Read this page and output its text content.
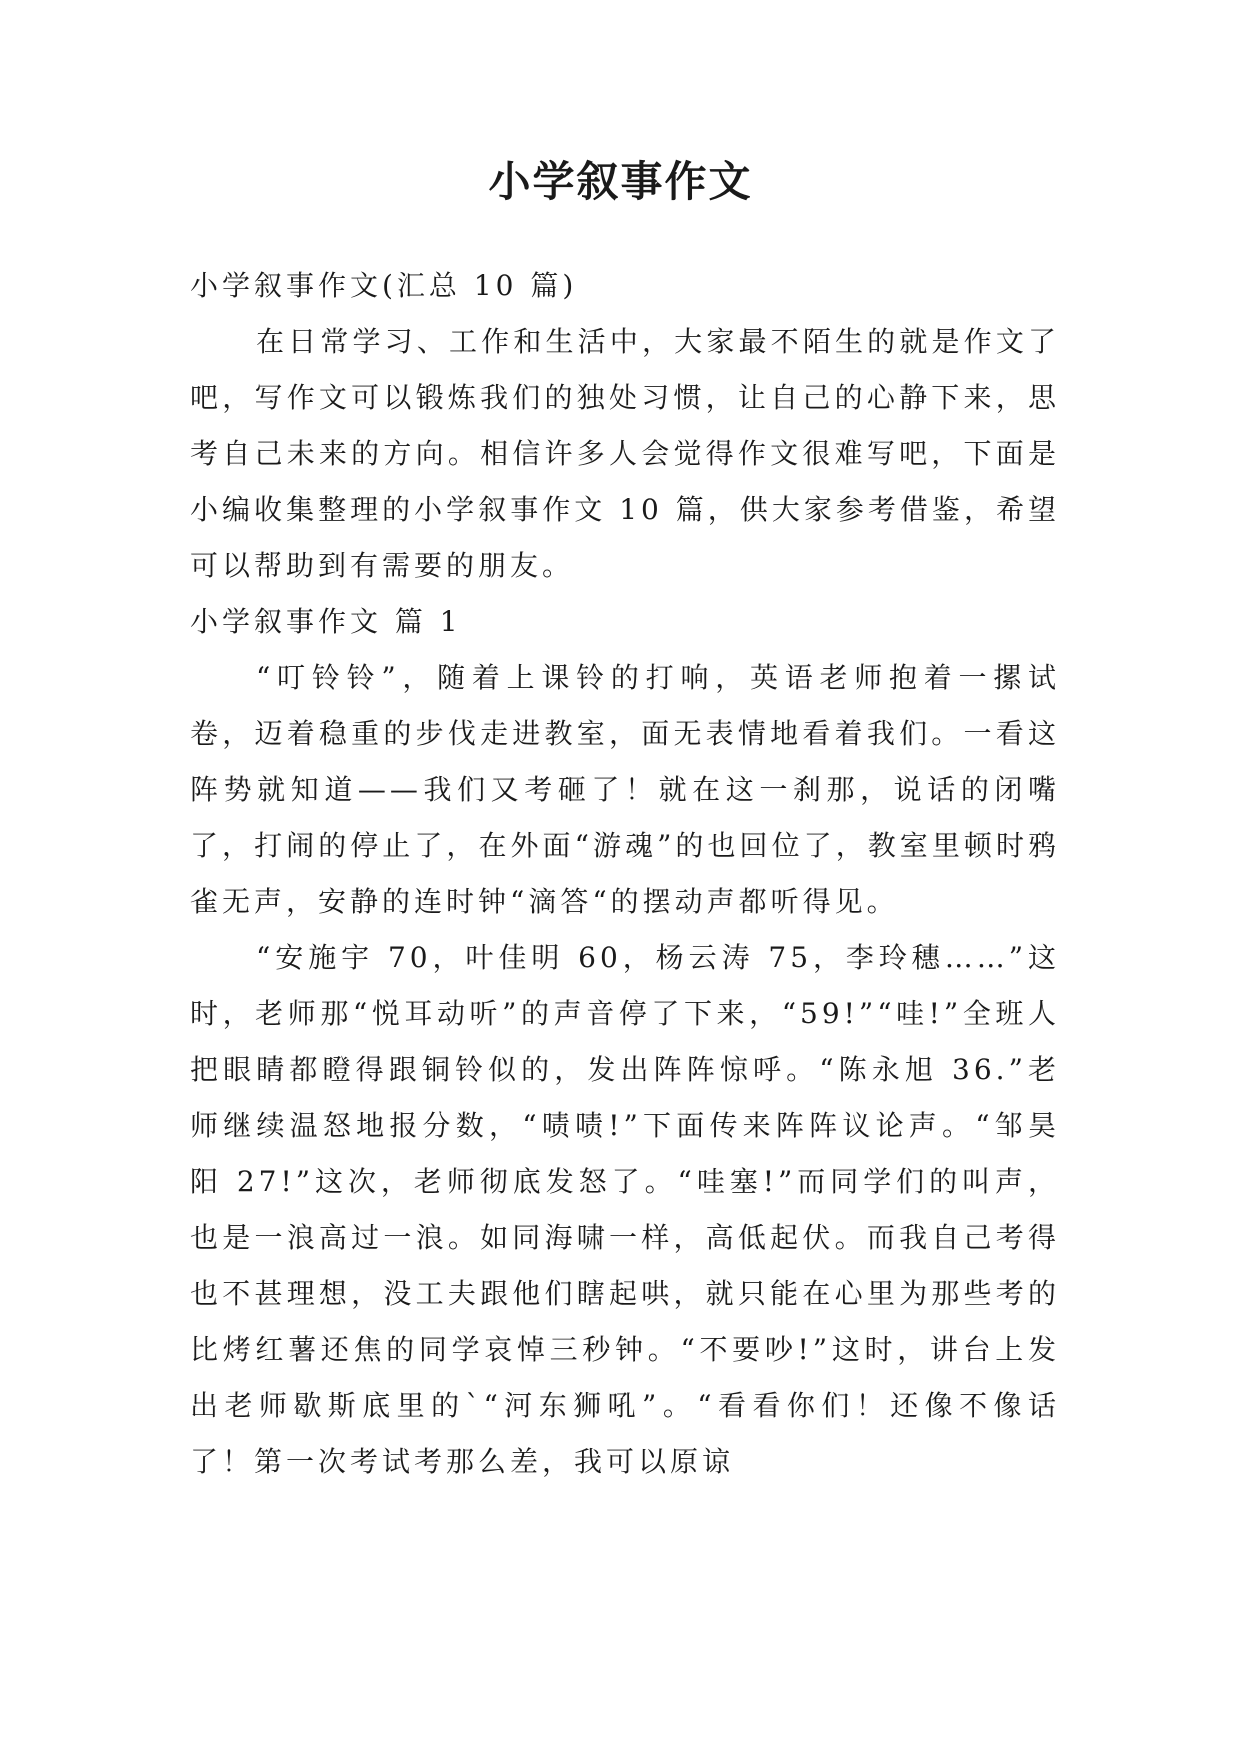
小学叙事作文

小学叙事作文(汇总 10 篇)

在日常学习、工作和生活中，大家最不陌生的就是作文了吧，写作文可以锻炼我们的独处习惯，让自己的心静下来，思考自己未来的方向。相信许多人会觉得作文很难写吧，下面是小编收集整理的小学叙事作文 10 篇，供大家参考借鉴，希望可以帮助到有需要的朋友。

小学叙事作文 篇 1

“叮铃铃”，随着上课铃的打响，英语老师抱着一摞试卷，迈着稳重的步伐走进教室，面无表情地看着我们。一看这阵势就知道——我们又考砸了！就在这一刹那，说话的闭嘴了，打闹的停止了，在外面“游魂”的也回位了，教室里顿时鸦雀无声，安静的连时钟“滴答“的摆动声都听得见。

“安施宇 70，叶佳明 60，杨云涛 75，李玲穗……”这时，老师那“悦耳动听”的声音停了下来，“59!”“哇!”全班人把眼睛都瞪得跟铜铃似的，发出阵阵惊呼。“陈永旭 36.”老师继续温怒地报分数，“啧啧!”下面传来阵阵议论声。“邹昊阳 27!”这次，老师彻底发怒了。“哇塞!”而同学们的叫声，也是一浪高过一浪。如同海啸一样，高低起伏。而我自己考得也不甚理想，没工夫跟他们瞎起哄，就只能在心里为那些考的比烤红薯还焦的同学哀悼三秒钟。“不要吵!”这时，讲台上发出老师歇斯底里的`“河东狮吼”。“看看你们！还像不像话了！第一次考试考那么差，我可以原谅
